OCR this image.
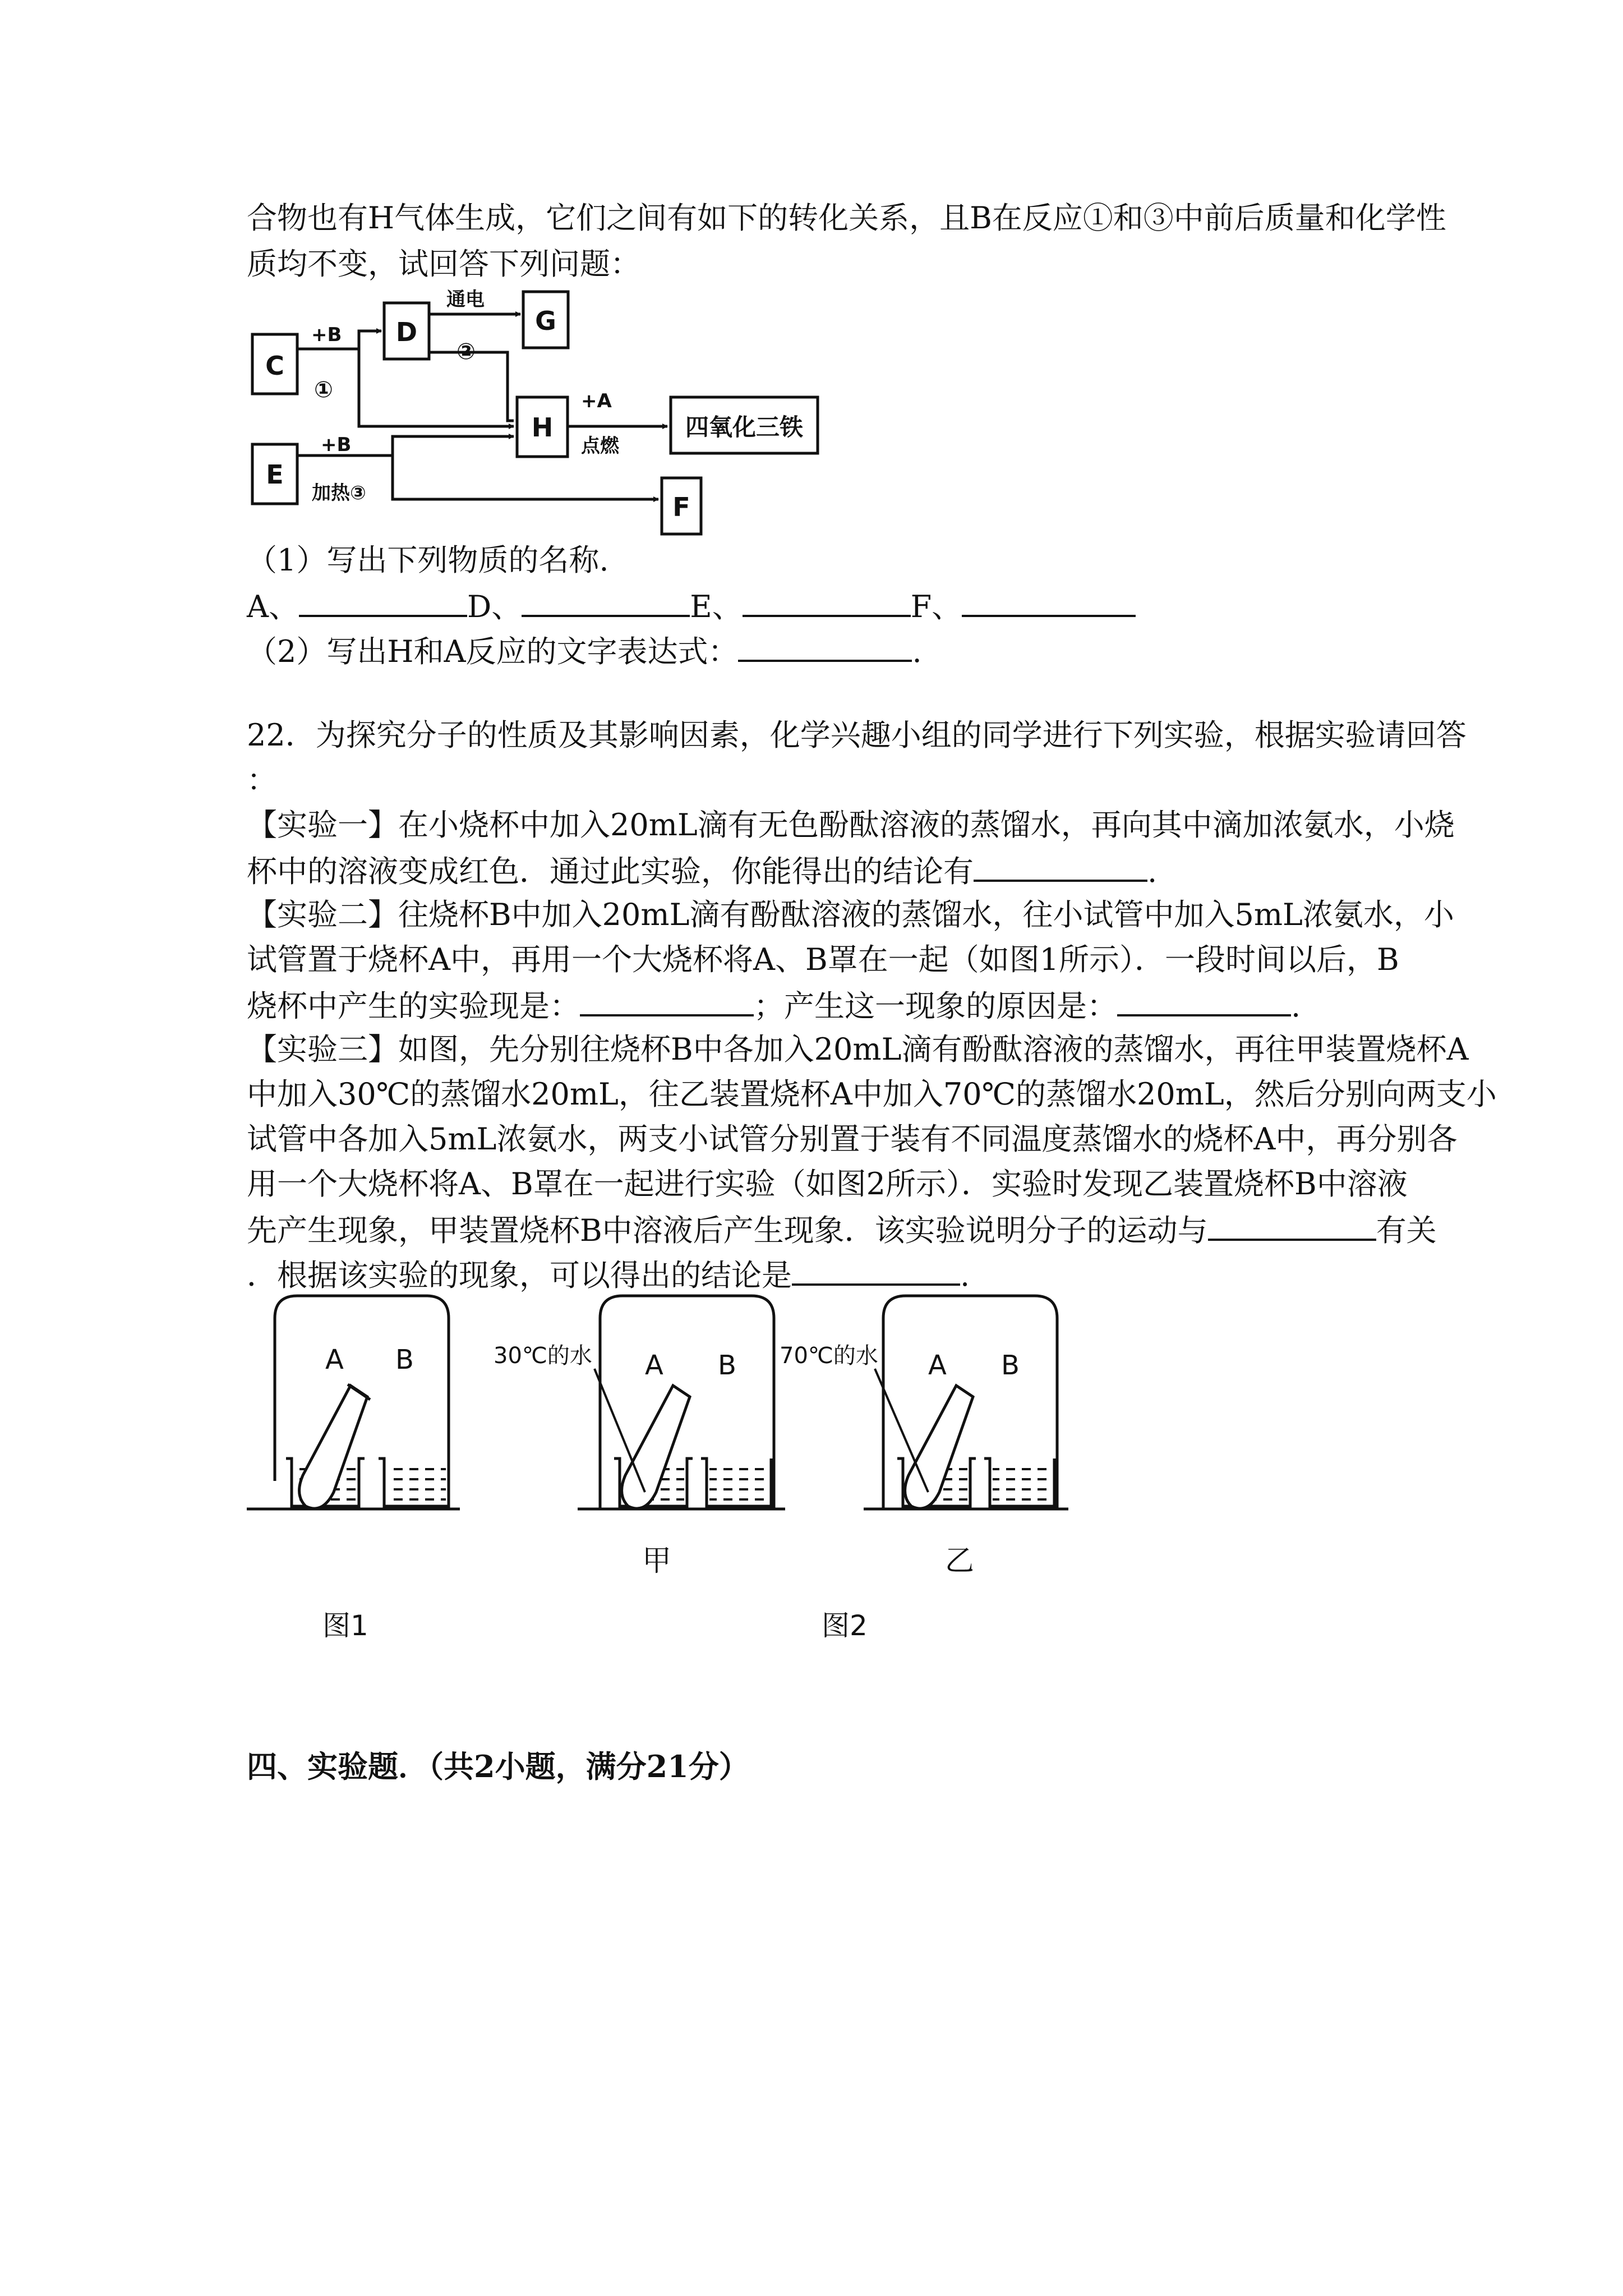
合物也有H气体生成，它们之间有如下的转化关系，且B在反应①和③中前后质量和化学性

质均不变，试回答下列问题：

C
D	G
H	四氧化三铁
E
F
+B
①
通电
②
+A
点燃
+B
加热③

（1）写出下列物质的名称.

A、	D、	E、	F、

（2）写出H和A反应的文字表达式：	.

22．为探究分子的性质及其影响因素，化学兴趣小组的同学进行下列实验，根据实验请回答

：

【实验一】在小烧杯中加入20mL滴有无色酚酞溶液的蒸馏水，再向其中滴加浓氨水，小烧

杯中的溶液变成红色．通过此实验，你能得出的结论有	.

【实验二】往烧杯B中加入20mL滴有酚酞溶液的蒸馏水，往小试管中加入5mL浓氨水，小

试管置于烧杯A中，再用一个大烧杯将A、B罩在一起（如图1所示）．一段时间以后，B

烧杯中产生的实验现是：	；产生这一现象的原因是：	.

【实验三】如图，先分别往烧杯B中各加入20mL滴有酚酞溶液的蒸馏水，再往甲装置烧杯A

中加入30℃的蒸馏水20mL，往乙装置烧杯A中加入70℃的蒸馏水20mL，然后分别向两支小

试管中各加入5mL浓氨水，两支小试管分别置于装有不同温度蒸馏水的烧杯A中，再分别各

用一个大烧杯将A、B罩在一起进行实验（如图2所示）．实验时发现乙装置烧杯B中溶液

先产生现象，甲装置烧杯B中溶液后产生现象．该实验说明分子的运动与	有关

．根据该实验的现象，可以得出的结论是	.

A B	30℃的水 A B
甲
70℃的水 A B
乙
图1	图2

四、实验题．（共2小题，满分21分）
